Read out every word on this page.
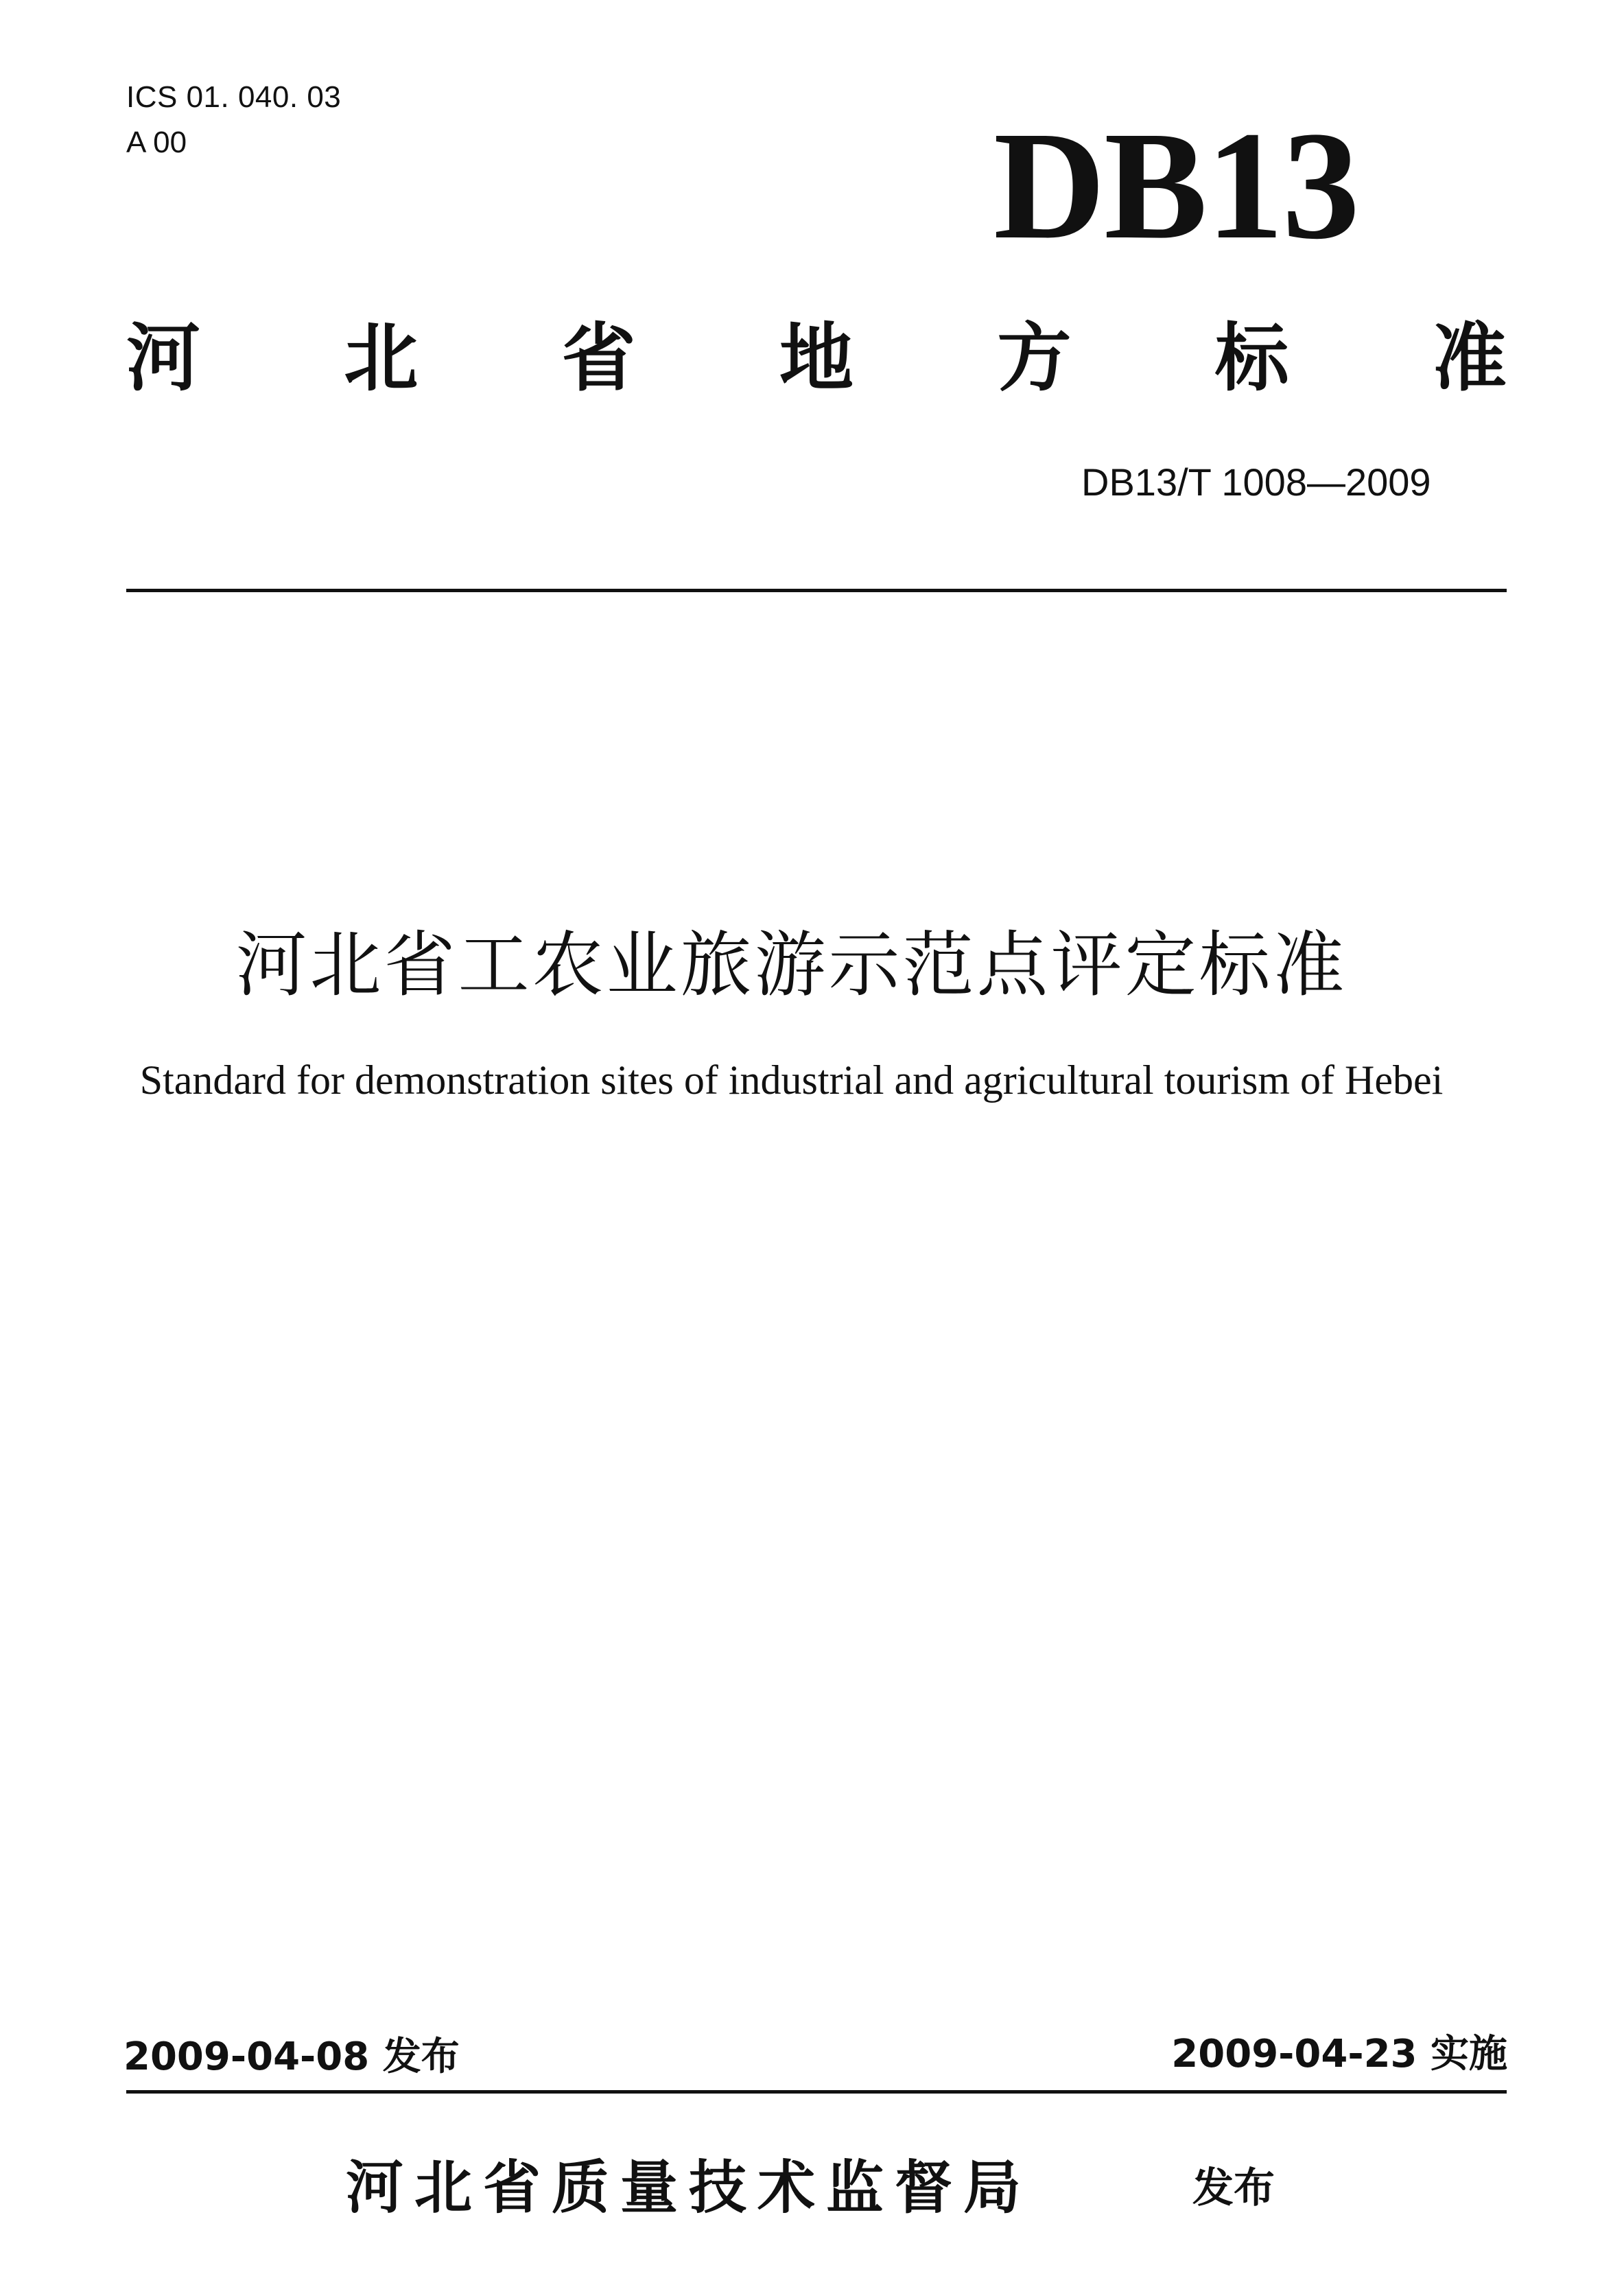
ICS 01. 040. 03
A 00	DB13
河 北 省 地 方 标 准
DB13/T 1008—2009
河北省工农业旅游示范点评定标准
Standard for demonstration sites of industrial and agricultural tourism of Hebei
2009-04-08 发布	2009-04-23 实施
河北省质量技术监督局	发布
